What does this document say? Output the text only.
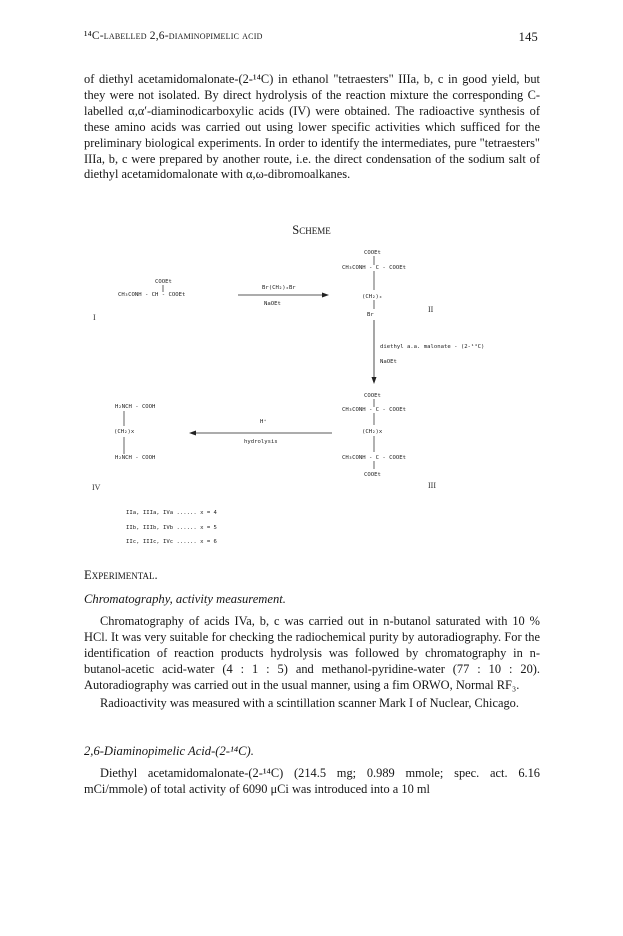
¹⁴C-labelled 2,6-diaminopimelic acid	145

of diethyl acetamidomalonate-(2-¹⁴C) in ethanol "tetraesters" IIIa, b, c in good yield, but they were not isolated. By direct hydrolysis of the reaction mixture the corresponding C-labelled α,α′-diaminodicarboxylic acids (IV) were obtained. The radioactive synthesis of these amino acids was carried out using lower specific activities which sufficed for the preliminary biological experiments. In order to identify the intermediates, pure "tetraesters" IIIa, b, c were prepared by another route, i.e. the direct condensation of the sodium salt of diethyl acetamidomalonate with α,ω-dibromoalkanes.

Scheme
COOEt
CH₃CONH - CH - COOEt
I
Br(CH₂)ₓBr
NaOEt
COOEt
CH₃CONH - C - COOEt
(CH₂)ₓ
Br
II
diethyl a.a. malonate - (2-¹⁴C)
NaOEt
COOEt
CH₃CONH - C - COOEt
(CH₂)x
CH₃CONH - C - COOEt
COOEt
III
H⁺
hydrolysis
H₂NCH - COOH
(CH₂)x
H₂NCH - COOH
IV
IIa, IIIa, IVa ...... x = 4
IIb, IIIb, IVb ...... x = 5
IIc, IIIc, IVc ...... x = 6
Experimental.
Chromatography, activity measurement.

Chromatography of acids IVa, b, c was carried out in n-butanol saturated with 10 % HCl. It was very suitable for checking the radiochemical purity by autoradiography. For the identification of reaction products hydrolysis was followed by chromatography in n-butanol-acetic acid-water (4 : 1 : 5) and methanol-pyridine-water (77 : 10 : 20). Autoradiography was carried out in the usual manner, using a fim ORWO, Normal RF₃.

Radioactivity was measured with a scintillation scanner Mark I of Nuclear, Chicago.

2,6-Diaminopimelic Acid-(2-¹⁴C).

Diethyl acetamidomalonate-(2-¹⁴C) (214.5 mg; 0.989 mmole; spec. act. 6.16 mCi/mmole) of total activity of 6090 μCi was introduced into a 10 ml
